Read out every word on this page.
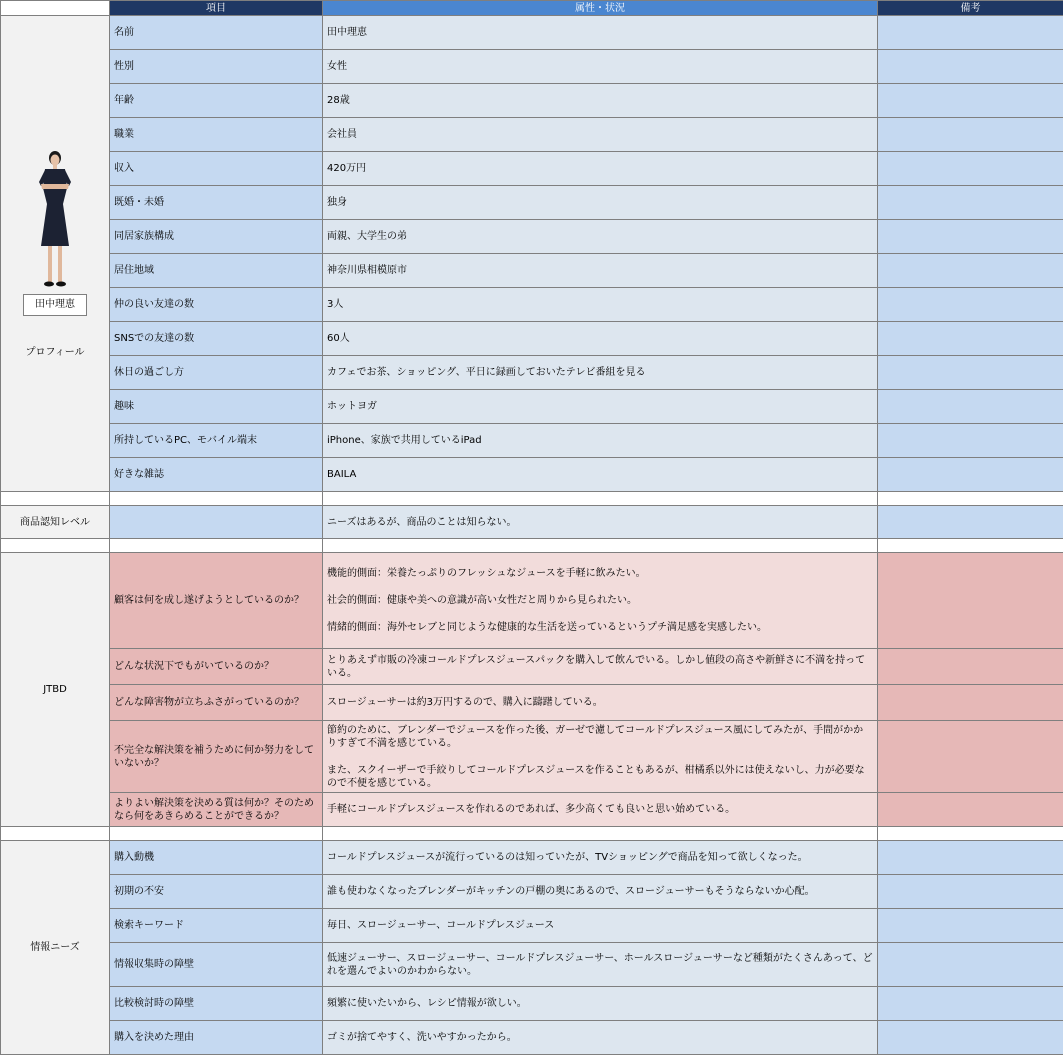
	項目	属性・状況	備考

田中理恵
プロフィール	名前	田中理恵	
	性別	女性	
	年齢	28歳	
	職業	会社員	
	収入	420万円	
	既婚・未婚	独身	
	同居家族構成	両親、大学生の弟	
	居住地域	神奈川県相模原市	
	仲の良い友達の数	3人	
	SNSでの友達の数	60人	
	休日の過ごし方	カフェでお茶、ショッピング、平日に録画しておいたテレビ番組を見る	
	趣味	ホットヨガ	
	所持しているPC、モバイル端末	iPhone、家族で共用しているiPad	
	好きな雑誌	BAILA	

商品認知レベル		ニーズはあるが、商品のことは知らない。	

JTBD	顧客は何を成し遂げようとしているのか？	機能的側面：栄養たっぷりのフレッシュなジュースを手軽に飲みたい。
社会的側面：健康や美への意識が高い女性だと周りから見られたい。
情緒的側面：海外セレブと同じような健康的な生活を送っているというプチ満足感を実感したい。	

	どんな状況下でもがいているのか？	とりあえず市販の冷凍コールドプレスジュースパックを購入して飲んでいる。しかし値段の高さや新鮮さに不満を持っている。	
	どんな障害物が立ちふさがっているのか？	スロージューサーは約3万円するので、購入に躊躇している。	
	不完全な解決策を補うために何か努力をしていないか？	節約のために、ブレンダーでジュースを作った後、ガーゼで濾してコールドプレスジュース風にしてみたが、手間がかかりすぎて不満を感じている。
また、スクイーザーで手絞りしてコールドプレスジュースを作ることもあるが、柑橘系以外には使えないし、力が必要なので不便を感じている。	

	よりよい解決策を決める質は何か？そのためなら何をあきらめることができるか？	手軽にコールドプレスジュースを作れるのであれば、多少高くても良いと思い始めている。	

情報ニーズ	購入動機	コールドプレスジュースが流行っているのは知っていたが、TVショッピングで商品を知って欲しくなった。	
	初期の不安	誰も使わなくなったブレンダーがキッチンの戸棚の奥にあるので、スロージューサーもそうならないか心配。	
	検索キーワード	毎日、スロージューサー、コールドプレスジュース	
	情報収集時の障壁	低速ジューサー、スロージューサー、コールドプレスジューサー、ホールスロージューサーなど種類がたくさんあって、どれを選んでよいのかわからない。	
	比較検討時の障壁	頻繁に使いたいから、レシピ情報が欲しい。	
	購入を決めた理由	ゴミが捨てやすく、洗いやすかったから。	
